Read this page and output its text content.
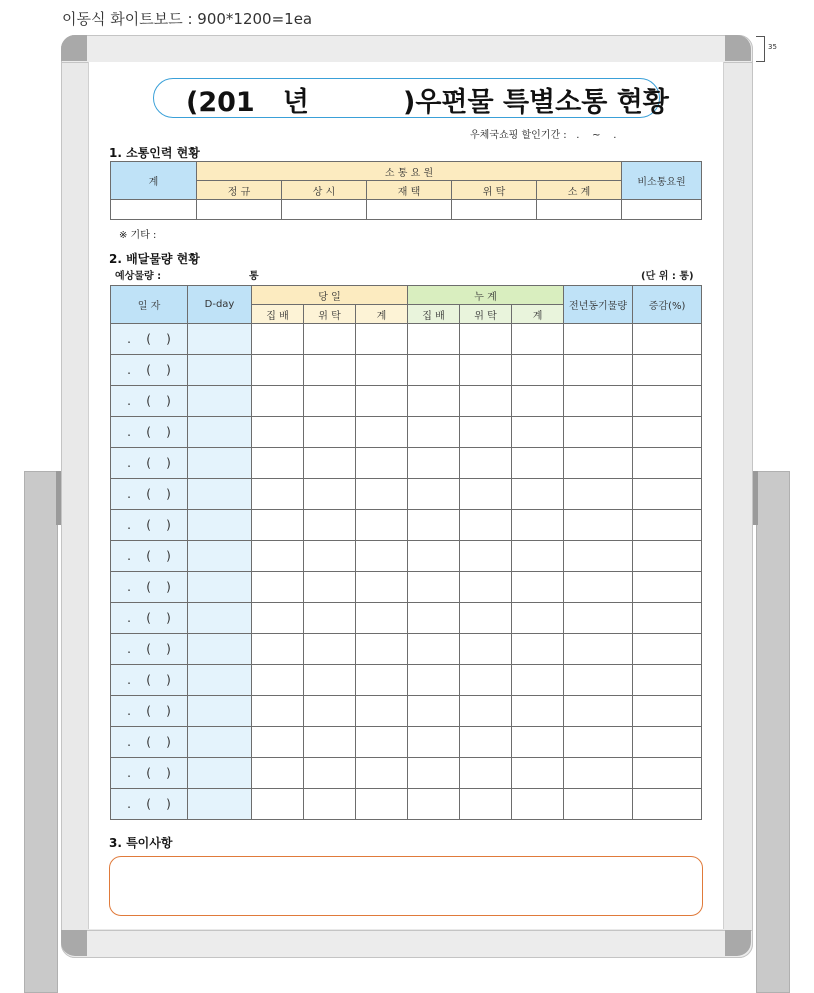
이동식 화이트보드 : 900*1200=1ea
35
(201   년          )우편물 특별소통 현황
우체국쇼핑 할인기간 :   .    ~    .
1. 소통인력 현황
계	소 통 요 원					비소통요원
	정 규	상 시	재 택	위 탁	소 계	

※ 기타 :
2. 배달물량 현황
예상물량 :	통	(단 위 : 통)
일 자	D-day	당 일			누 계			전년동기물량	증감(%)
		집 배	위 탁	계	집 배	위 탁	계		
.    (    )									
.    (    )									
.    (    )									
.    (    )									
.    (    )									
.    (    )									
.    (    )									
.    (    )									
.    (    )									
.    (    )									
.    (    )									
.    (    )									
.    (    )									
.    (    )									
.    (    )									
.    (    )									
3. 특이사항
